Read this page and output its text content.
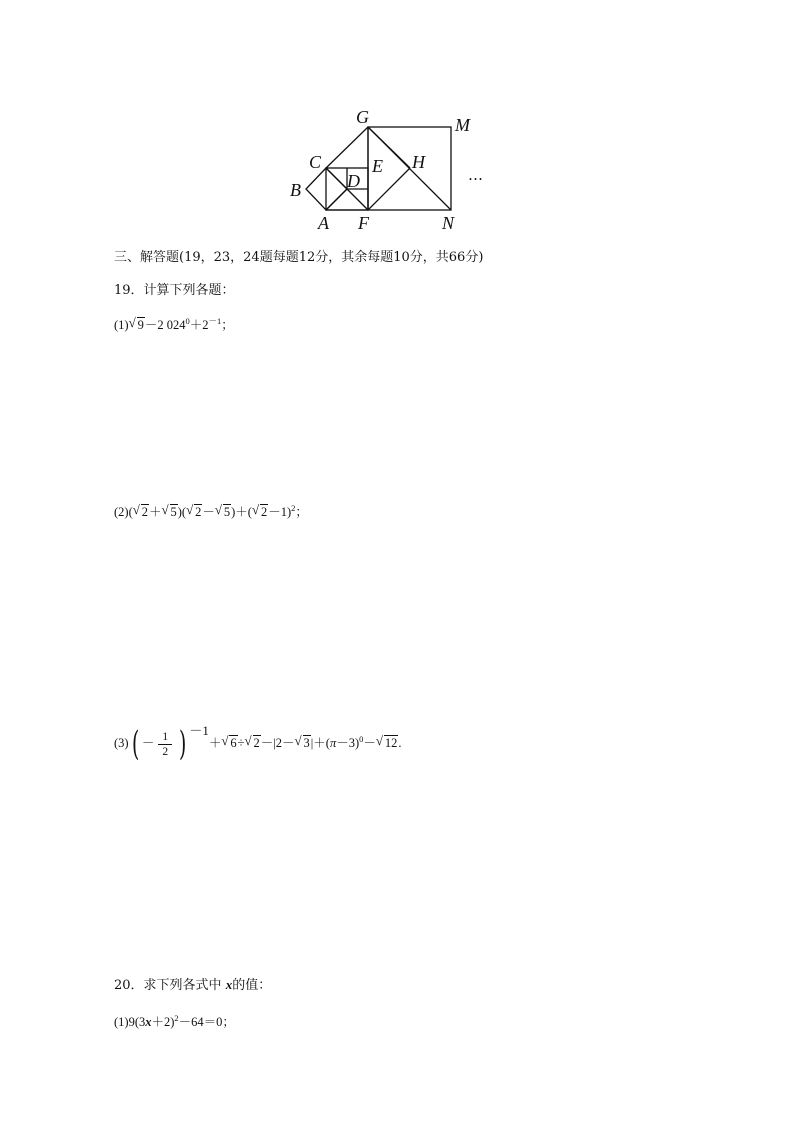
G	M
C	E H
D
B
A F	N
…
三、解答题(19，23，24题每题12分，其余每题10分，共66分)
19．计算下列各题：
(1)√ 9－2 $024^0+2^{-1}$；
(2)(√ 2＋√ 5)(√ 2－√ 5)＋(√ 2－1)$^2$；
$(3)( - \frac{1}{2}$ ) －1＋√ 6÷√ 2－|2－√ $3|+(\pi-3)^0-√$ 12.
20．求下列各式中 x的值：
$(1)9(3x+2)^2-64=0$；
